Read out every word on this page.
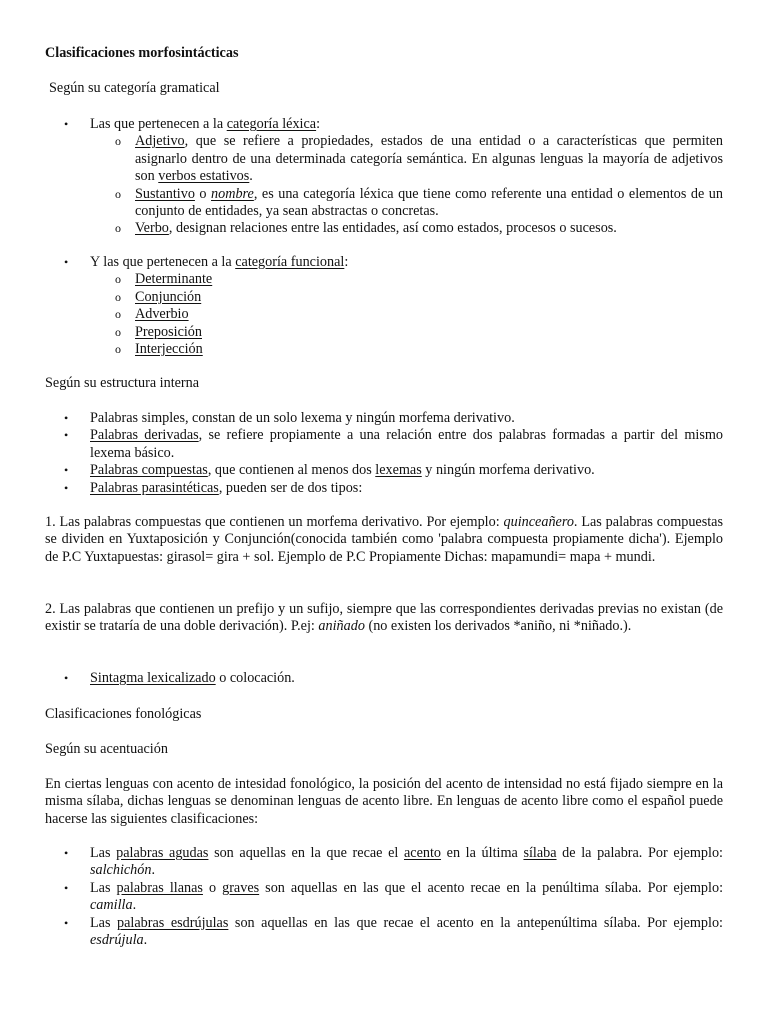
Clasificaciones morfosintácticas

Según su categoría gramatical

• Las que pertenecen a la categoría léxica:
o Adjetivo, que se refiere a propiedades, estados de una entidad o a características que permiten asignarlo dentro de una determinada categoría semántica. En algunas lenguas la mayoría de adjetivos son verbos estativos.
o Sustantivo o nombre, es una categoría léxica que tiene como referente una entidad o elementos de un conjunto de entidades, ya sean abstractas o concretas.
o Verbo, designan relaciones entre las entidades, así como estados, procesos o sucesos.
• Y las que pertenecen a la categoría funcional:
o Determinante
o Conjunción
o Adverbio
o Preposición
o Interjección

Según su estructura interna

• Palabras simples, constan de un solo lexema y ningún morfema derivativo.
• Palabras derivadas, se refiere propiamente a una relación entre dos palabras formadas a partir del mismo lexema básico.
• Palabras compuestas, que contienen al menos dos lexemas y ningún morfema derivativo.
• Palabras parasintéticas, pueden ser de dos tipos:

1. Las palabras compuestas que contienen un morfema derivativo. Por ejemplo: quinceañero. Las palabras compuestas se dividen en Yuxtaposición y Conjunción(conocida también como 'palabra compuesta propiamente dicha'). Ejemplo de P.C Yuxtapuestas: girasol= gira + sol. Ejemplo de P.C Propiamente Dichas: mapamundi= mapa + mundi.

2. Las palabras que contienen un prefijo y un sufijo, siempre que las correspondientes derivadas previas no existan (de existir se trataría de una doble derivación). P.ej: aniñado (no existen los derivados *aniño, ni *niñado.).

• Sintagma lexicalizado o colocación.

Clasificaciones fonológicas

Según su acentuación

En ciertas lenguas con acento de intesidad fonológico, la posición del acento de intensidad no está fijado siempre en la misma sílaba, dichas lenguas se denominan lenguas de acento libre. En lenguas de acento libre como el español puede hacerse las siguientes clasificaciones:

• Las palabras agudas son aquellas en la que recae el acento en la última sílaba de la palabra. Por ejemplo: salchichón.
• Las palabras llanas o graves son aquellas en las que el acento recae en la penúltima sílaba. Por ejemplo: camilla.
• Las palabras esdrújulas son aquellas en las que recae el acento en la antepenúltima sílaba. Por ejemplo: esdrújula.
